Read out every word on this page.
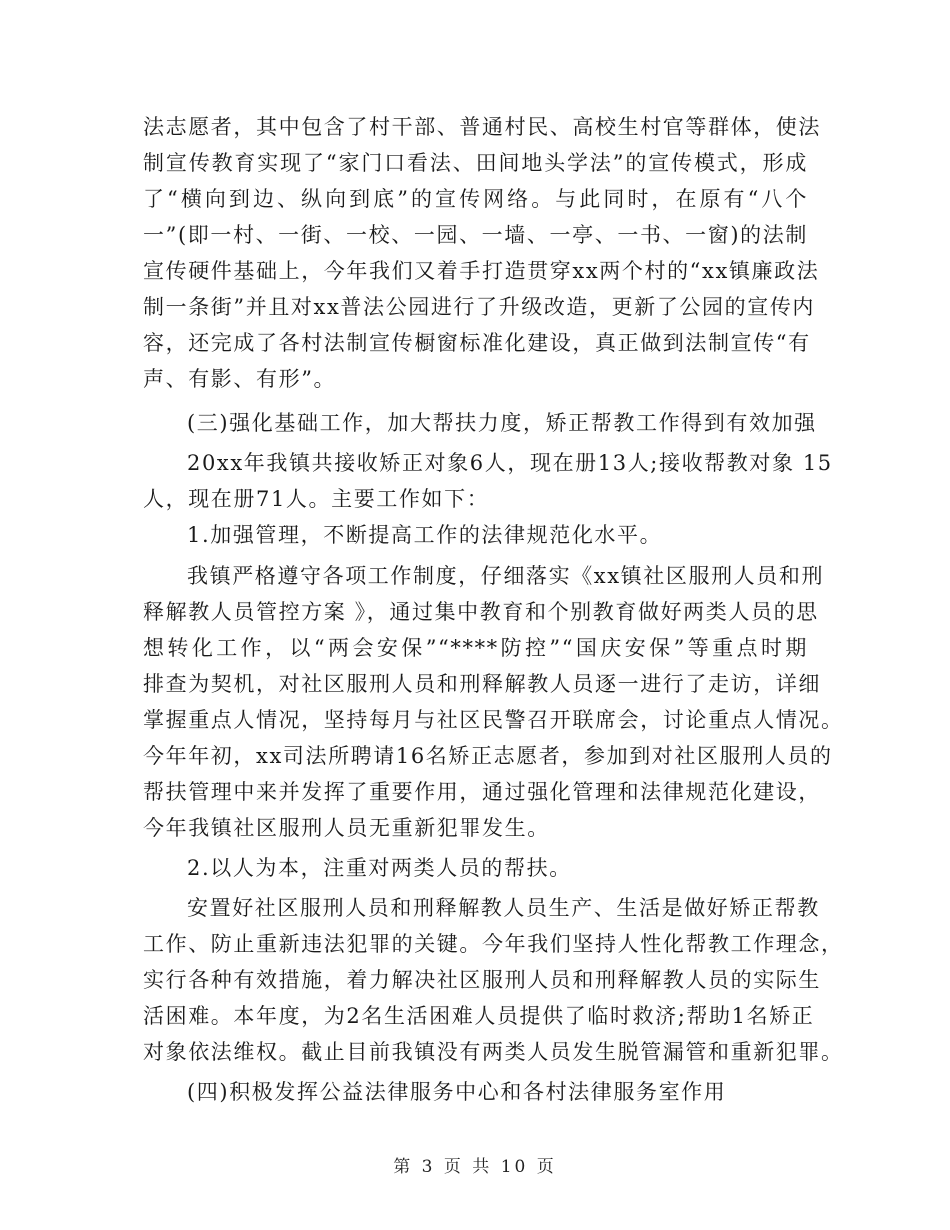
法志愿者，其中包含了村干部、普通村民、高校生村官等群体，使法
制宣传教育实现了“家门口看法、田间地头学法”的宣传模式，形成
了“横向到边、纵向到底”的宣传网络。与此同时，在原有“八个
一”(即一村、一街、一校、一园、一墙、一亭、一书、一窗)的法制
宣传硬件基础上，今年我们又着手打造贯穿xx两个村的“xx镇廉政法
制一条街”并且对xx普法公园进行了升级改造，更新了公园的宣传内
容，还完成了各村法制宣传橱窗标准化建设，真正做到法制宣传“有
声、有影、有形”。
(三)强化基础工作，加大帮扶力度，矫正帮教工作得到有效加强
20xx年我镇共接收矫正对象6人，现在册13人;接收帮教对象 15
人，现在册71人。主要工作如下：
1.加强管理，不断提高工作的法律规范化水平。
我镇严格遵守各项工作制度，仔细落实《xx镇社区服刑人员和刑
释解教人员管控方案 》，通过集中教育和个别教育做好两类人员的思
想转化工作，以“两会安保”“****防控”“国庆安保”等重点时期
排查为契机，对社区服刑人员和刑释解教人员逐一进行了走访，详细
掌握重点人情况，坚持每月与社区民警召开联席会，讨论重点人情况。
今年年初，xx司法所聘请16名矫正志愿者，参加到对社区服刑人员的
帮扶管理中来并发挥了重要作用，通过强化管理和法律规范化建设，
今年我镇社区服刑人员无重新犯罪发生。
2.以人为本，注重对两类人员的帮扶。
安置好社区服刑人员和刑释解教人员生产、生活是做好矫正帮教
工作、防止重新违法犯罪的关键。今年我们坚持人性化帮教工作理念，
实行各种有效措施，着力解决社区服刑人员和刑释解教人员的实际生
活困难。本年度，为2名生活困难人员提供了临时救济;帮助1名矫正
对象依法维权。截止目前我镇没有两类人员发生脱管漏管和重新犯罪。
(四)积极发挥公益法律服务中心和各村法律服务室作用
第 3 页 共 10 页
